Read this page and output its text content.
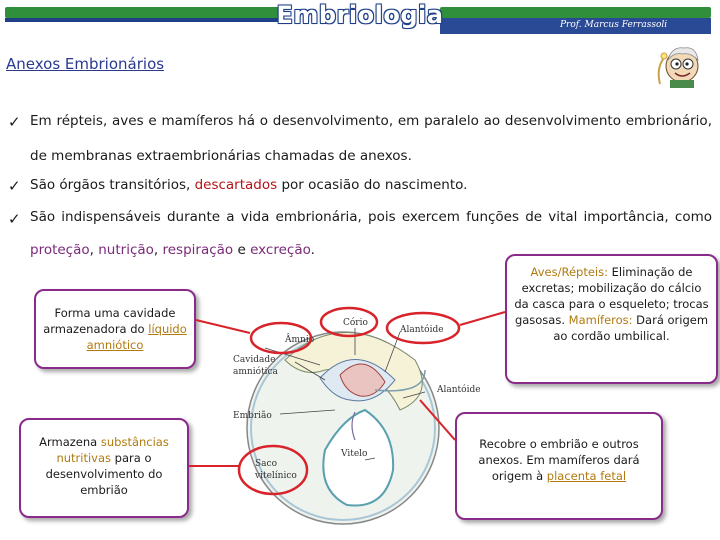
Embriologia	Prof. Marcus Ferrassoli
Anexos Embrionários
✓ Em répteis, aves e mamíferos há o desenvolvimento, em paralelo ao desenvolvimento embrionário, de membranas extraembrionárias chamadas de anexos.
✓ São órgãos transitórios, descartados por ocasião do nascimento.
✓ São indispensáveis durante a vida embrionária, pois exercem funções de vital importância, como proteção, nutrição, respiração e excreção.
Cório
Alantóide
Âmnio
Cavidade
amniótica
Alantóide
Embrião
Vitelo
Saco
vitelínico
Forma uma cavidade armazenadora do líquido amniótico
Aves/Répteis: Eliminação de excretas; mobilização do cálcio da casca para o esqueleto; trocas gasosas. Mamíferos: Dará origem ao cordão umbilical.
Armazena substâncias nutritivas para o desenvolvimento do embrião
Recobre o embrião e outros anexos. Em mamíferos dará origem à placenta fetal
